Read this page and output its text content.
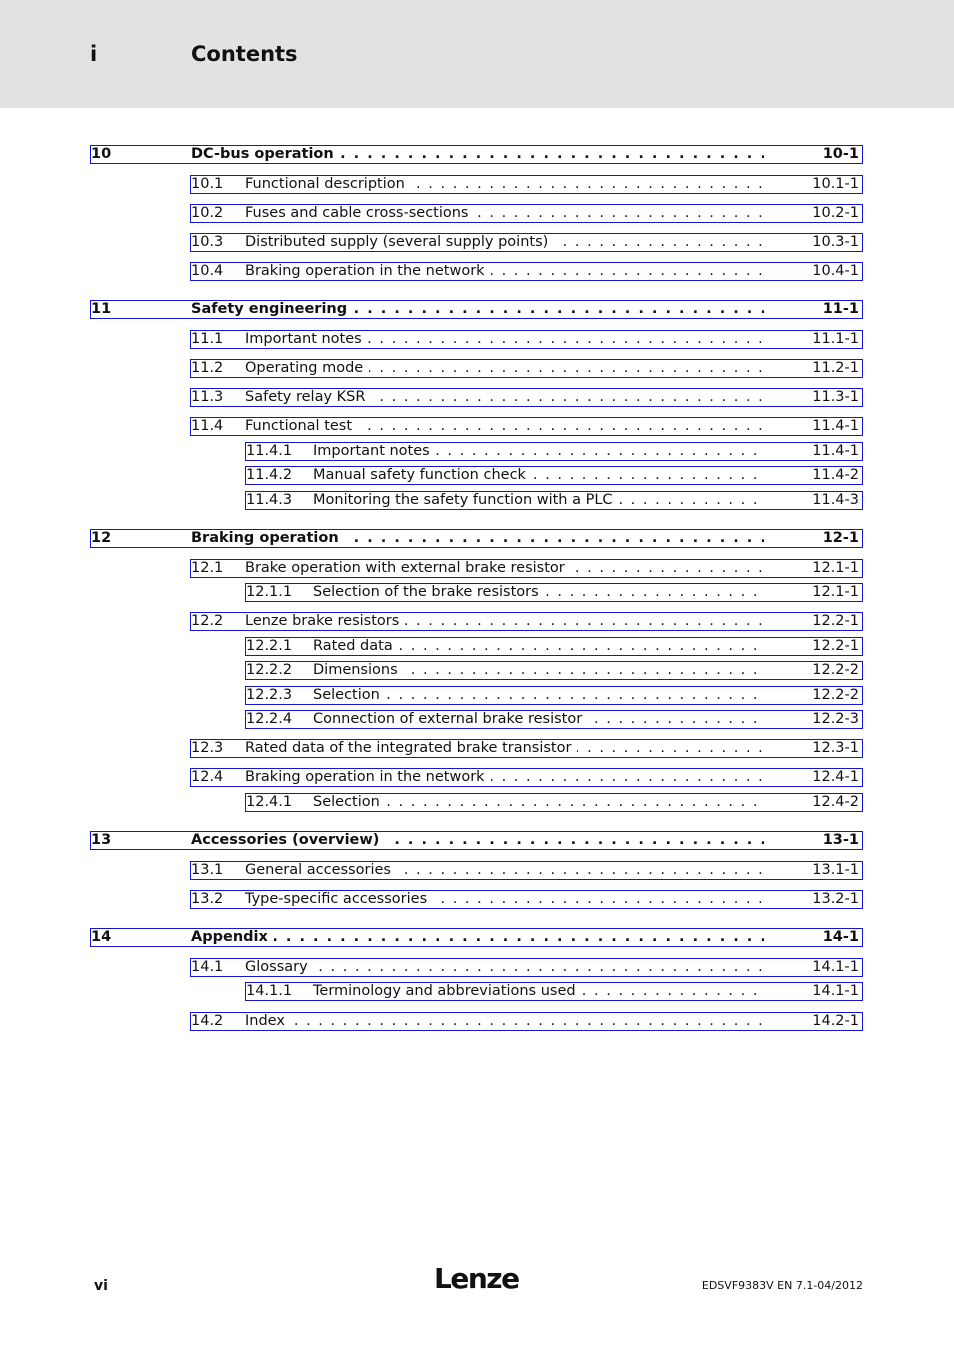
i	Contents
. . .
10	DC-bus operation	10-1
. . .
10.1 Functional description	10.1-1
. . .
10.2 Fuses and cable cross-sections	10.2-1
. . .
10.3 Distributed supply (several supply points)	10.3-1
. . .
10.4 Braking operation in the network	10.4-1
. . .
11	Safety engineering	11-1
. . .
11.1 Important notes	11.1-1
. . .
11.2 Operating mode	11.2-1
. . .
11.3 Safety relay KSR	11.3-1
. . .
11.4 Functional test	11.4-1
. . .
11.4.1 Important notes	11.4-1
. . .
11.4.2 Manual safety function check	11.4-2
. . .
11.4.3 Monitoring the safety function with a PLC	11.4-3
. . .
12	Braking operation	12-1
. . .
12.1 Brake operation with external brake resistor	12.1-1
. . .
12.1.1 Selection of the brake resistors	12.1-1
. . .
12.2 Lenze brake resistors	12.2-1
. . .
12.2.1 Rated data	12.2-1
. . .
12.2.2 Dimensions	12.2-2
. . .
12.2.3 Selection	12.2-2
. . .
12.2.4 Connection of external brake resistor	12.2-3
. . .
12.3 Rated data of the integrated brake transistor	12.3-1
. . .
12.4 Braking operation in the network	12.4-1
. . .
12.4.1 Selection	12.4-2
. . .
13	Accessories (overview)	13-1
. . .
13.1 General accessories	13.1-1
. . .
13.2 Type-specific accessories	13.2-1
. . .
14	Appendix	14-1
. . .
14.1 Glossary	14.1-1
. . .
14.1.1 Terminology and abbreviations used	14.1-1
. . .
14.2 Index	14.2-1
vi	Lenze	EDSVF9383V EN 7.1-04/2012
